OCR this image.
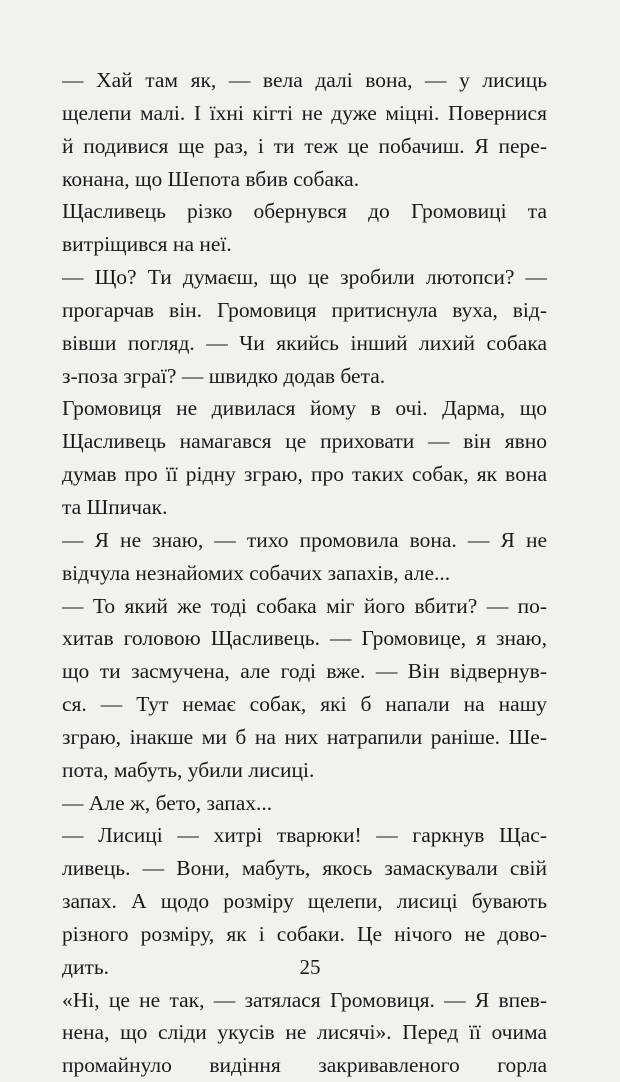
— Хай там як, — вела далі вона, — у лисиць
щелепи малі. І їхні кігті не дуже міцні. Повернися
й подивися ще раз, і ти теж це побачиш. Я пере-
конана, що Шепота вбив собака.
Щасливець різко обернувся до Громовиці та
витріщився на неї.
— Що? Ти думаєш, що це зробили лютопси? —
прогарчав він. Громовиця притиснула вуха, від-
вівши погляд. — Чи якийсь інший лихий собака
з-поза зграї? — швидко додав бета.
Громовиця не дивилася йому в очі. Дарма, що
Щасливець намагався це приховати — він явно
думав про її рідну зграю, про таких собак, як вона
та Шпичак.
— Я не знаю, — тихо промовила вона. — Я не
відчула незнайомих собачих запахів, але...
— То який же тоді собака міг його вбити? — по-
хитав головою Щасливець. — Громовице, я знаю,
що ти засмучена, але годі вже. — Він відвернув-
ся. — Тут немає собак, які б напали на нашу
зграю, інакше ми б на них натрапили раніше. Ше-
пота, мабуть, убили лисиці.
— Але ж, бето, запах...
— Лисиці — хитрі тварюки! — гаркнув Щас-
ливець. — Вони, мабуть, якось замаскували свій
запах. А щодо розміру щелепи, лисиці бувають
різного розміру, як і собаки. Це нічого не дово-
дить.
«Ні, це не так, — затялася Громовиця. — Я впев-
нена, що сліди укусів не лисячі». Перед її очима
промайнуло видіння закривавленого горла
25
